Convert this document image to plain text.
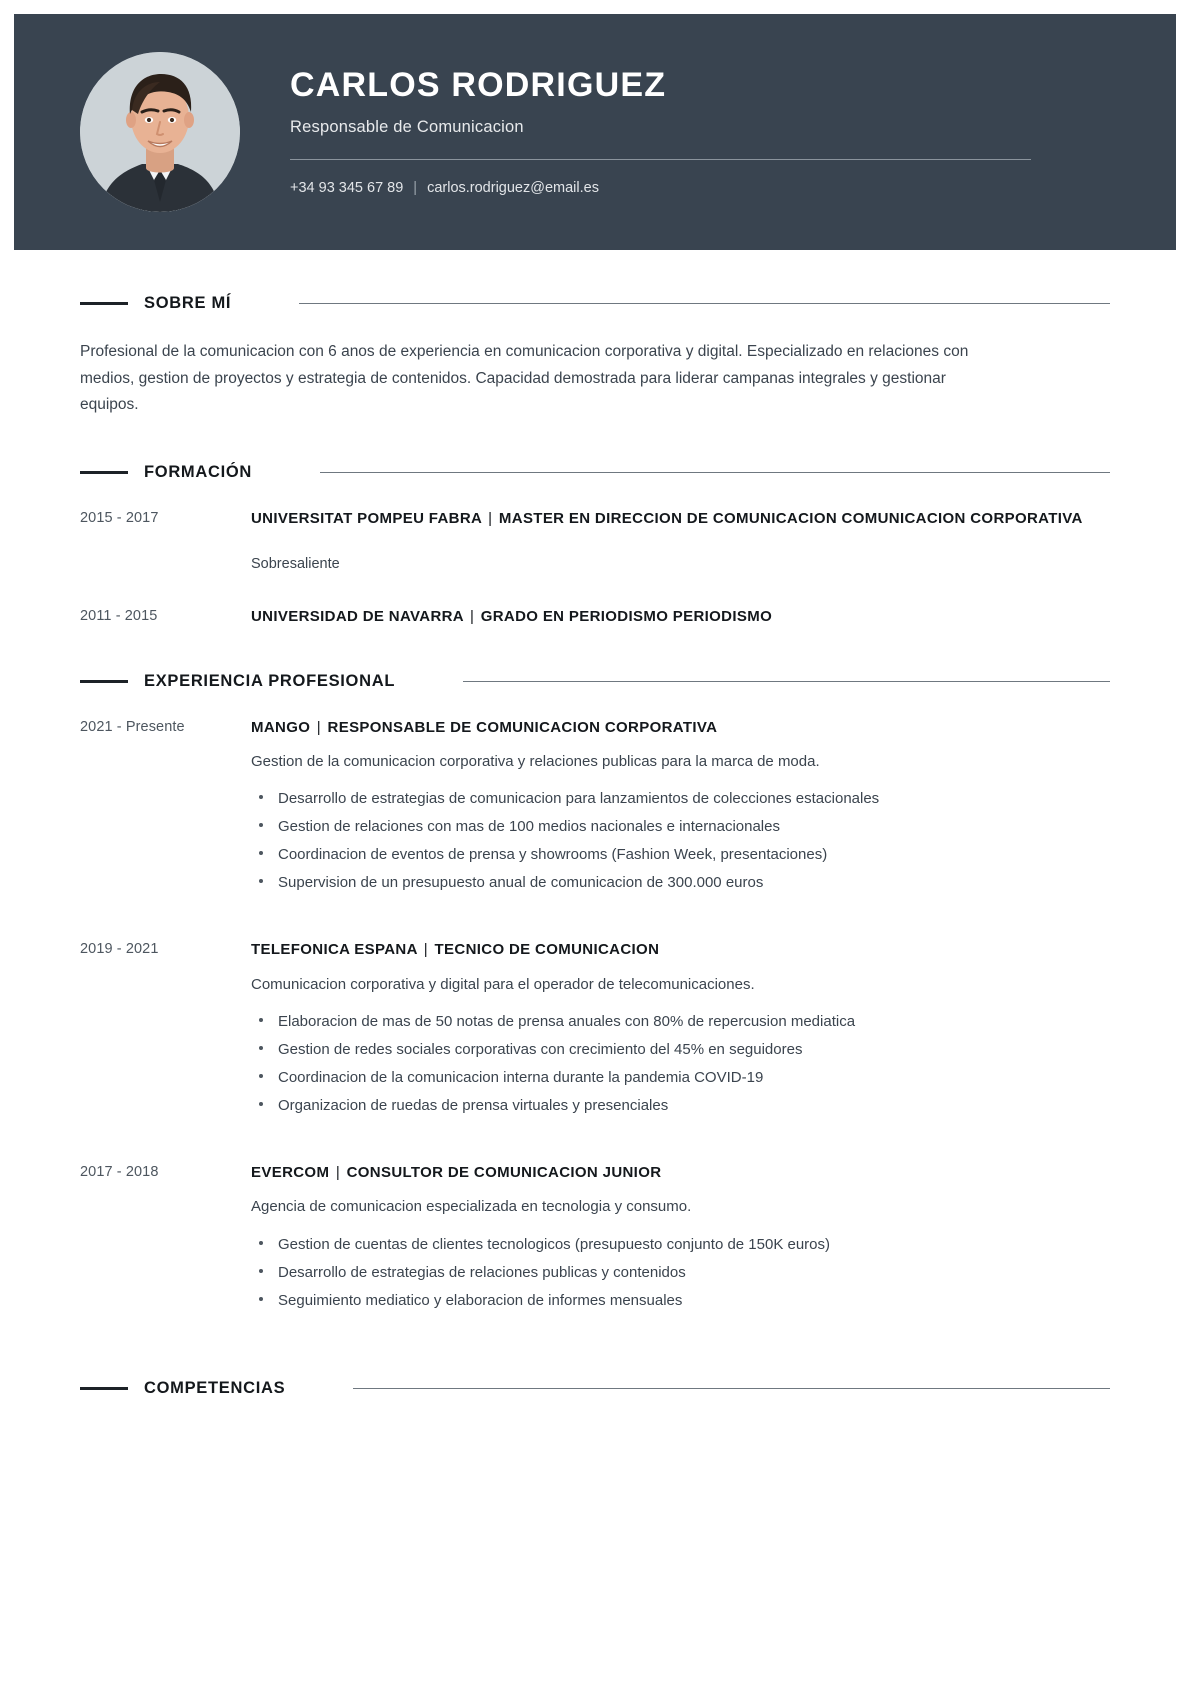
CARLOS RODRIGUEZ
Responsable de Comunicacion
+34 93 345 67 89 | carlos.rodriguez@email.es
SOBRE MÍ

Profesional de la comunicacion con 6 anos de experiencia en comunicacion corporativa y digital. Especializado en relaciones con medios, gestion de proyectos y estrategia de contenidos. Capacidad demostrada para liderar campanas integrales y gestionar equipos.

FORMACIÓN
2015 - 2017	UNIVERSITAT POMPEU FABRA | MASTER EN DIRECCION DE COMUNICACION COMUNICACION CORPORATIVA
Sobresaliente
2011 - 2015	UNIVERSIDAD DE NAVARRA | GRADO EN PERIODISMO PERIODISMO
EXPERIENCIA PROFESIONAL
2021 - Presente	MANGO | RESPONSABLE DE COMUNICACION CORPORATIVA
Gestion de la comunicacion corporativa y relaciones publicas para la marca de moda.
Desarrollo de estrategias de comunicacion para lanzamientos de colecciones estacionales
Gestion de relaciones con mas de 100 medios nacionales e internacionales
Coordinacion de eventos de prensa y showrooms (Fashion Week, presentaciones)
Supervision de un presupuesto anual de comunicacion de 300.000 euros
2019 - 2021	TELEFONICA ESPANA | TECNICO DE COMUNICACION
Comunicacion corporativa y digital para el operador de telecomunicaciones.
Elaboracion de mas de 50 notas de prensa anuales con 80% de repercusion mediatica
Gestion de redes sociales corporativas con crecimiento del 45% en seguidores
Coordinacion de la comunicacion interna durante la pandemia COVID-19
Organizacion de ruedas de prensa virtuales y presenciales
2017 - 2018	EVERCOM | CONSULTOR DE COMUNICACION JUNIOR
Agencia de comunicacion especializada en tecnologia y consumo.
Gestion de cuentas de clientes tecnologicos (presupuesto conjunto de 150K euros)
Desarrollo de estrategias de relaciones publicas y contenidos
Seguimiento mediatico y elaboracion de informes mensuales
COMPETENCIAS
